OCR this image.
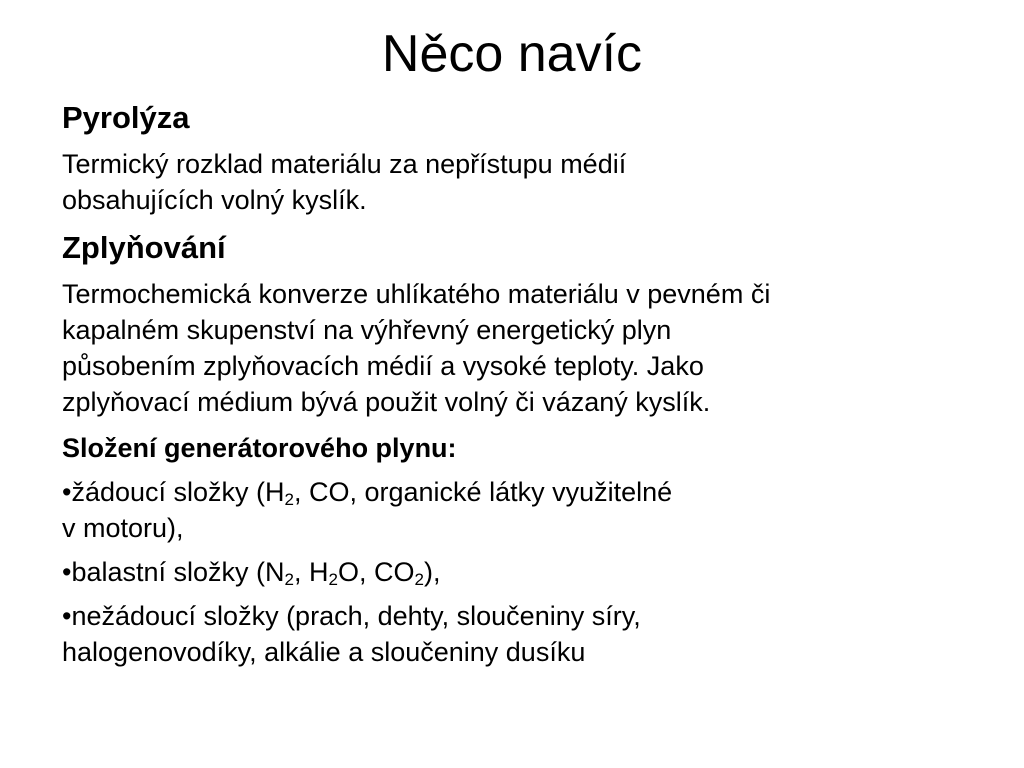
Něco navíc
Pyrolýza
Termický rozklad materiálu za nepřístupu médií
obsahujících volný kyslík.
Zplyňování
Termochemická konverze uhlíkatého materiálu v pevném či
kapalném skupenství na výhřevný energetický plyn
působením zplyňovacích médií a vysoké teploty. Jako
zplyňovací médium bývá použit volný či vázaný kyslík.
Složení generátorového plynu:
•žádoucí složky ($H_2$, CO, organické látky využitelné
v motoru),
•balastní složky ($N_2$, $H_2O$, $CO_2$),
•nežádoucí složky (prach, dehty, sloučeniny síry,
halogenovodíky, alkálie a sloučeniny dusíku
